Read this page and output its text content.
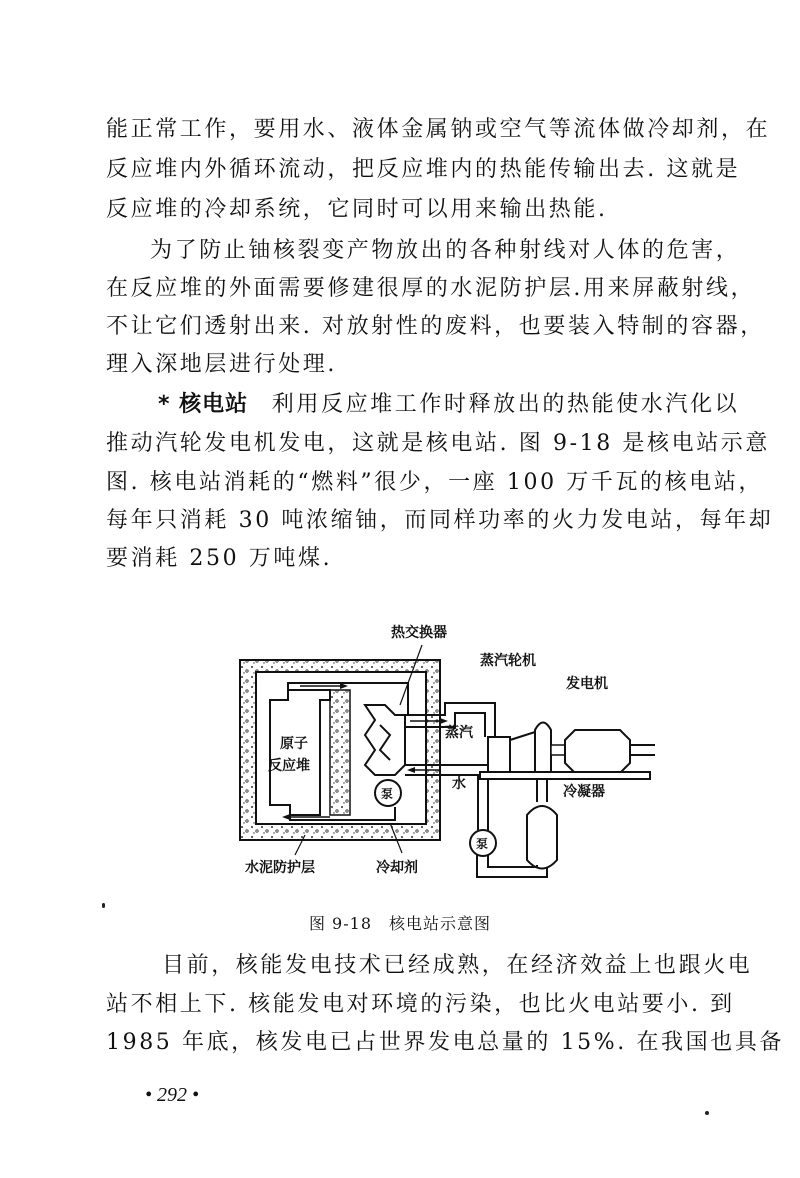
能正常工作，要用水、液体金属钠或空气等流体做冷却剂，在
反应堆内外循环流动，把反应堆内的热能传输出去. 这就是
反应堆的冷却系统，它同时可以用来输出热能.
为了防止铀核裂变产物放出的各种射线对人体的危害，
在反应堆的外面需要修建很厚的水泥防护层.用来屏蔽射线，
不让它们透射出来. 对放射性的废料，也要装入特制的容器，
理入深地层进行处理.
* 核电站 利用反应堆工作时释放出的热能使水汽化以
推动汽轮发电机发电，这就是核电站. 图 9-18 是核电站示意
图. 核电站消耗的“燃料”很少，一座 100 万千瓦的核电站，
每年只消耗 30 吨浓缩铀，而同样功率的火力发电站，每年却
要消耗 250 万吨煤.
热交换器
蒸汽轮机
发电机
原子
反应堆
蒸汽
水
泵
泵
冷凝器
水泥防护层	冷却剂
图 9-18　核电站示意图
目前，核能发电技术已经成熟，在经济效益上也跟火电
站不相上下. 核能发电对环境的污染，也比火电站要小. 到
1985 年底，核发电已占世界发电总量的 15%. 在我国也具备
• 292 •
